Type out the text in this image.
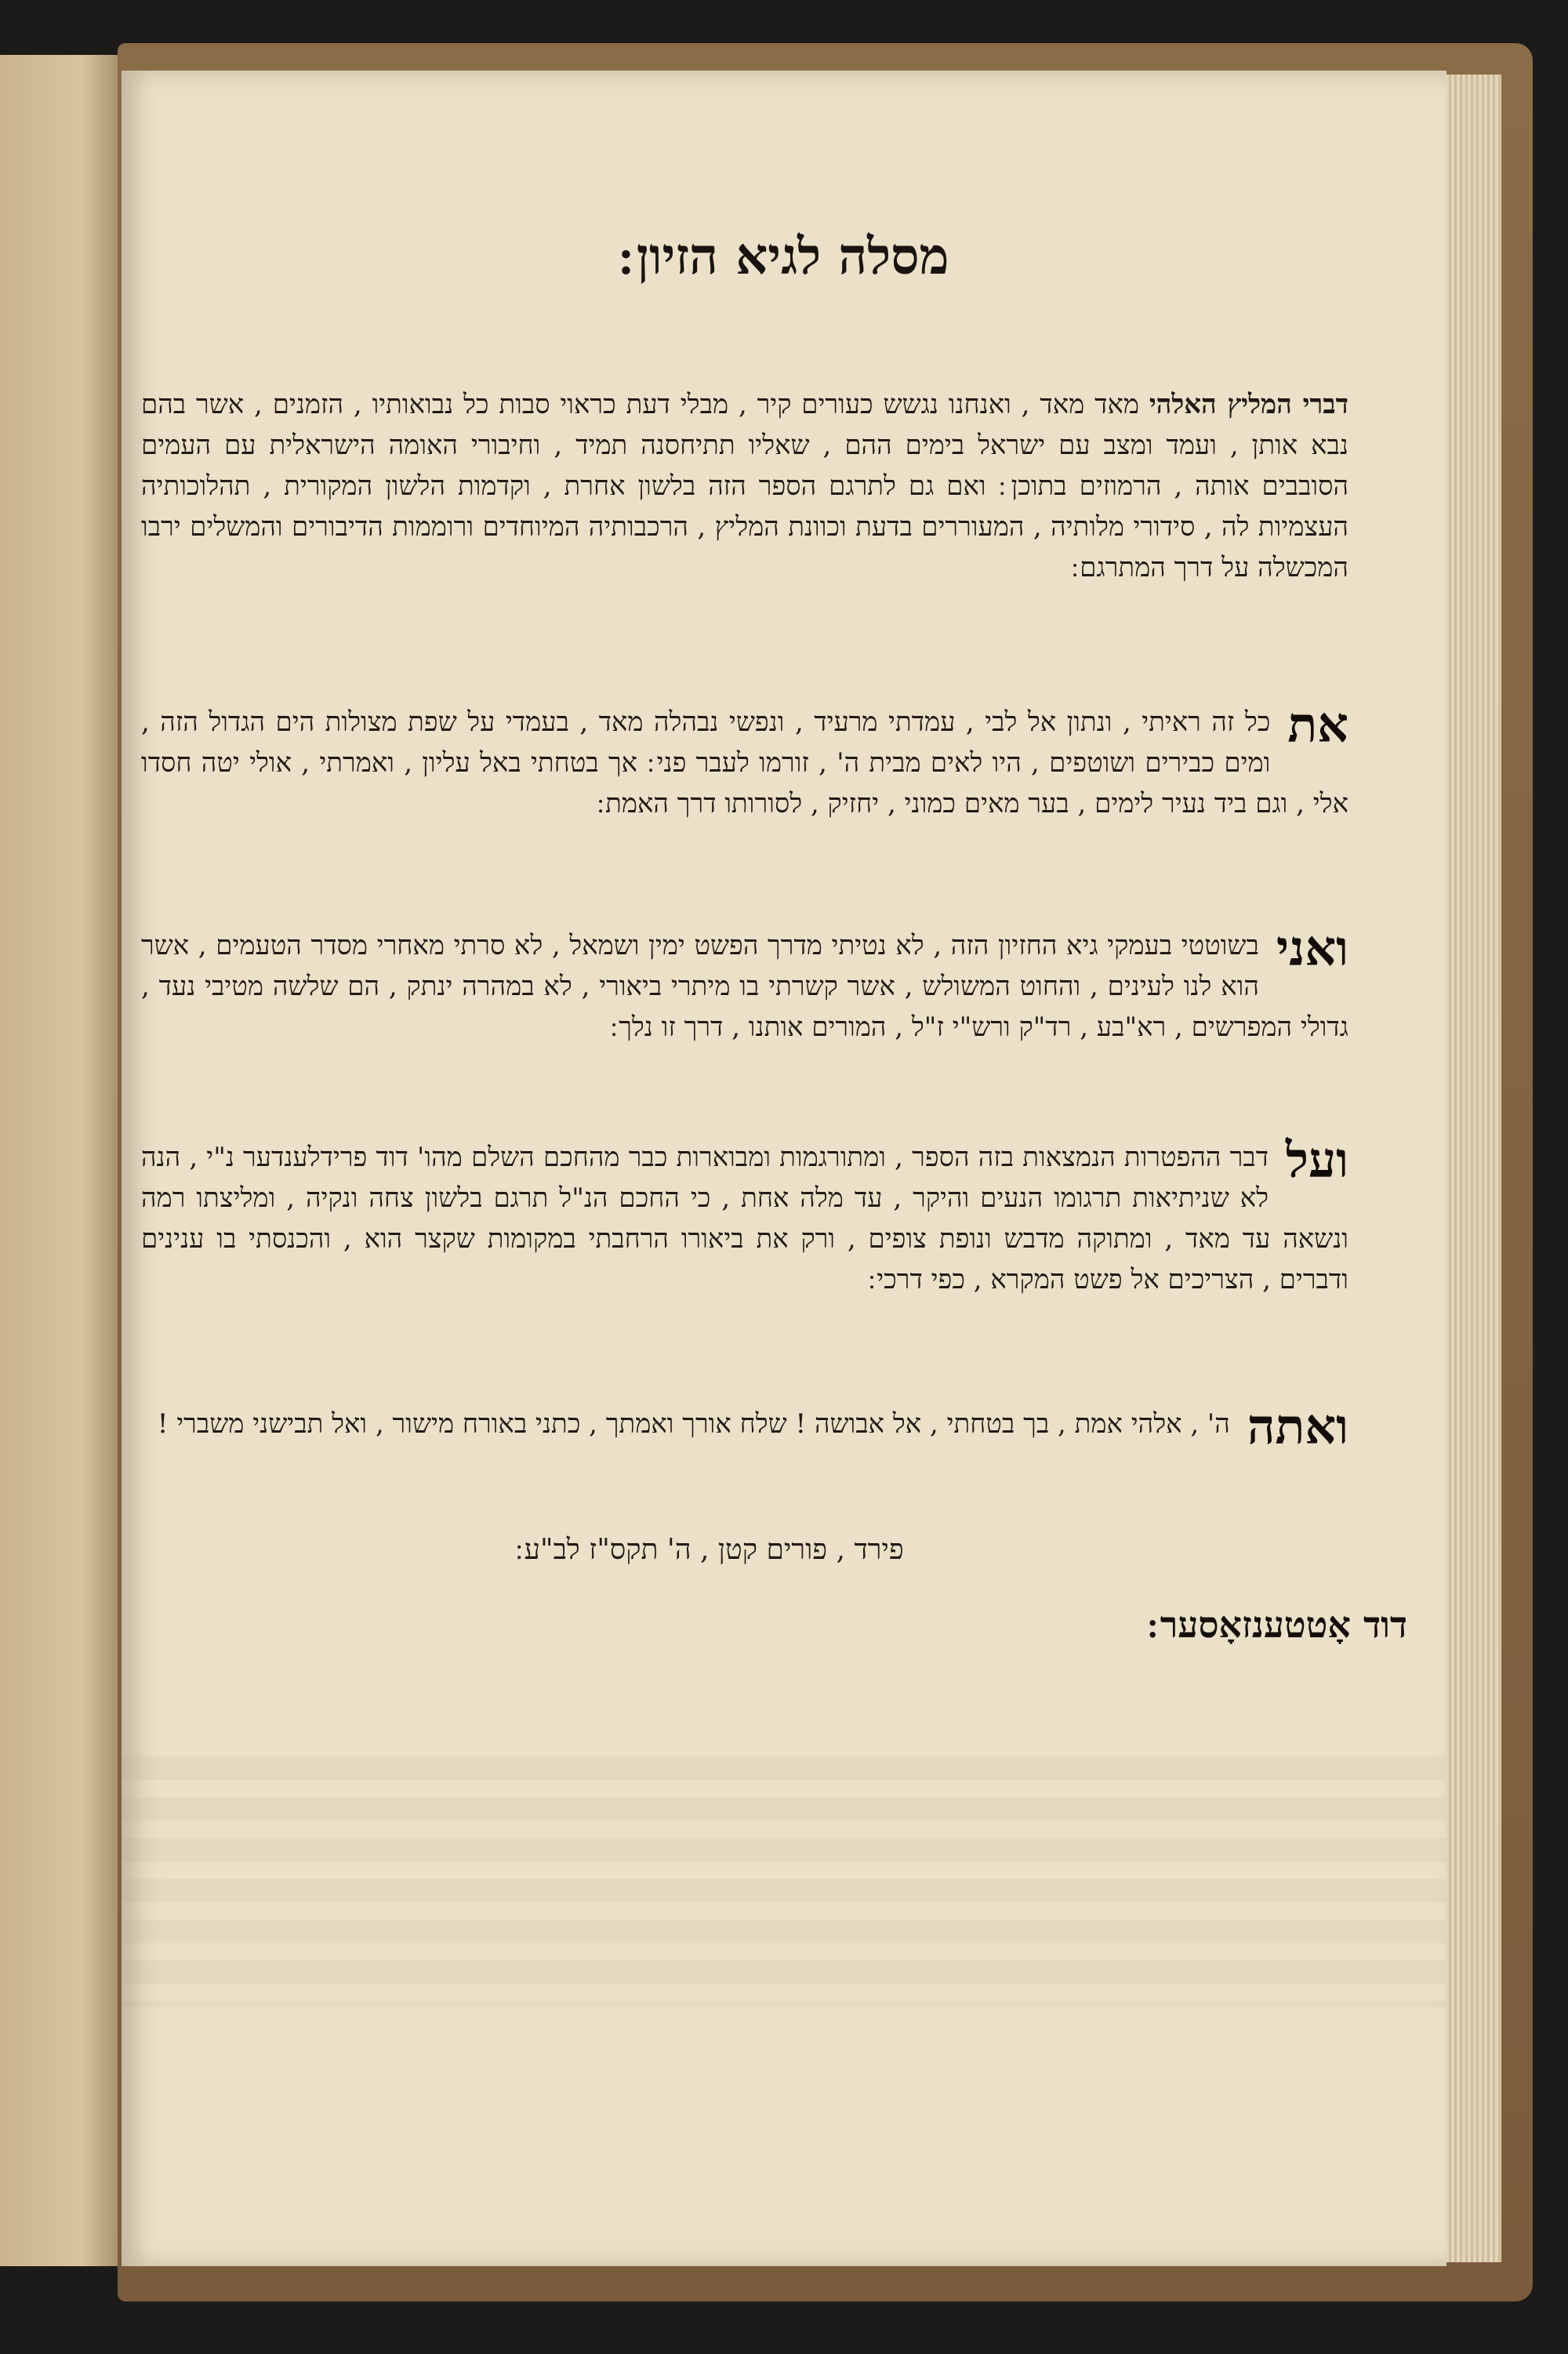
מסלה לגיא הזיון ׃
דברי המליץ האלהי מאד מאד , ואנחנו נגשש כעורים קיר , מבלי דעת כראוי סבות כל נבואותיו , הזמנים , אשר בהם נבא אותן , ועמד ומצב עם ישראל בימים ההם , שאליו תתיחסנה תמיד , וחיבורי האומה הישראלית עם העמים הסובבים אותה , הרמוזים בתוכן ׃ ואם גם לתרגם הספר הזה בלשון אחרת , וקדמות הלשון המקורית , תהלוכותיה העצמיות לה , סידורי מלותיה , המעוררים בדעת וכוונת המליץ , הרכבותיה המיוחדים ורוממות הדיבורים והמשלים ירבו המכשלה על דרך המתרגם ׃
את
כל זה ראיתי , ונתון אל לבי , עמדתי מרעיד , ונפשי נבהלה מאד , בעמדי על שפת מצולות הים הגדול הזה , ומים כבירים ושוטפים , היו לאים מבית ה' , זורמו לעבר פני ׃ אך בטחתי באל עליון , ואמרתי , אולי יטה חסדו אלי , וגם ביד נעיר לימים , בער מאים כמוני , יחזיק , לסורותו דרך האמת ׃
ואני
בשוטטי בעמקי גיא החזיון הזה , לא נטיתי מדרך הפשט ימין ושמאל , לא סרתי מאחרי מסדר הטעמים , אשר הוא לנו לעינים , והחוט המשולש , אשר קשרתי בו מיתרי ביאורי , לא במהרה ינתק , הם שלשה מטיבי נעד , גדולי המפרשים , רא"בע , רד"ק ורש"י ז"ל , המורים אותנו , דרך זו נלך ׃
ועל
דבר ההפטרות הנמצאות בזה הספר , ומתורגמות ומבוארות כבר מהחכם השלם מהו' דוד פרידלענדער נ"י , הנה לא שניתיאות תרגומו הנעים והיקר , עד מלה אחת , כי החכם הנ"ל תרגם בלשון צחה ונקיה , ומליצתו רמה ונשאה עד מאד , ומתוקה מדבש ונופת צופים , ורק את ביאורו הרחבתי במקומות שקצר הוא , והכנסתי בו ענינים ודברים , הצריכים אל פשט המקרא , כפי דרכי ׃
ואתה
ה' , אלהי אמת , בך בטחתי , אל אבושה ! שלח אורך ואמתך , כתני באורח מישור , ואל תבישני משברי !
פירד , פורים קטן , ה' תקס"ז לב"ע ׃
דוד אָטטענזאָסער ׃
